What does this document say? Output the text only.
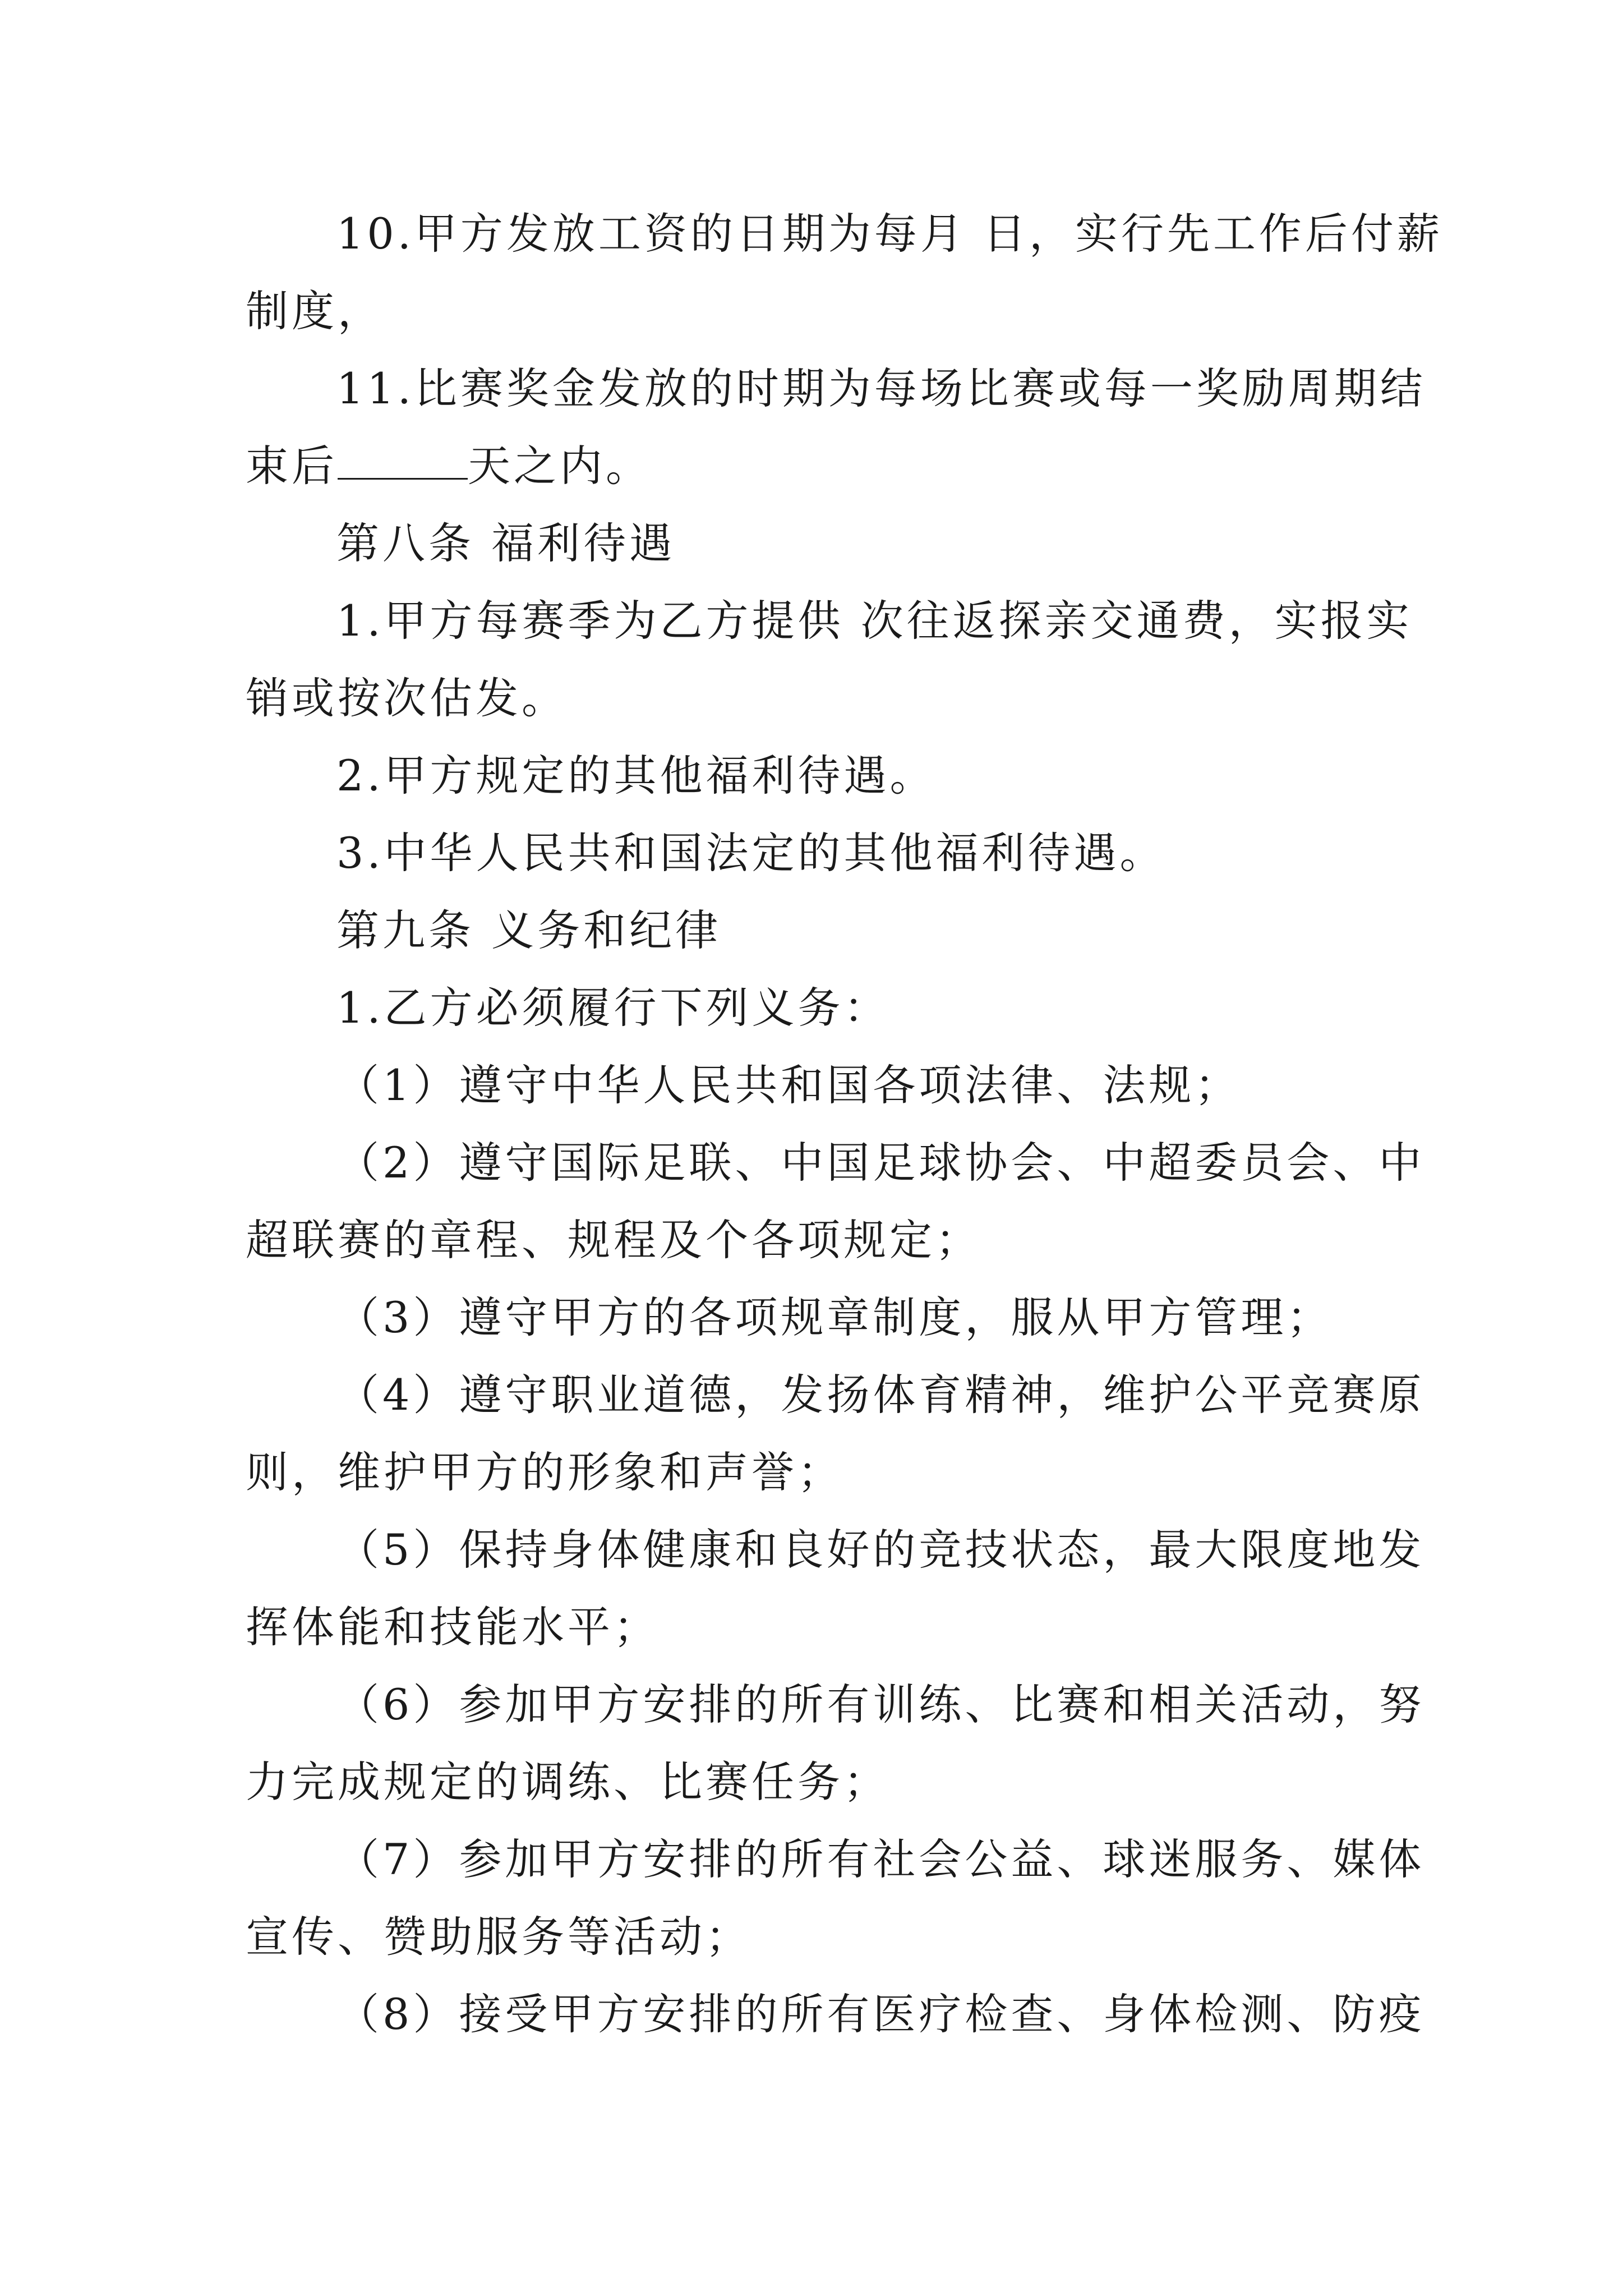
10.甲方发放工资的日期为每月 日，实行先工作后付薪
制度，
11.比赛奖金发放的时期为每场比赛或每一奖励周期结
束后	天之内。
第八条 福利待遇
1.甲方每赛季为乙方提供 次往返探亲交通费，实报实
销或按次估发。
2.甲方规定的其他福利待遇。
3.中华人民共和国法定的其他福利待遇。
第九条 义务和纪律
1.乙方必须履行下列义务：
（1）遵守中华人民共和国各项法律、法规；
（2）遵守国际足联、中国足球协会、中超委员会、中
超联赛的章程、规程及个各项规定；
（3）遵守甲方的各项规章制度，服从甲方管理；
（4）遵守职业道德，发扬体育精神，维护公平竞赛原
则，维护甲方的形象和声誉；
（5）保持身体健康和良好的竞技状态，最大限度地发
挥体能和技能水平；
（6）参加甲方安排的所有训练、比赛和相关活动，努
力完成规定的调练、比赛任务；
（7）参加甲方安排的所有社会公益、球迷服务、媒体
宣传、赞助服务等活动；
（8）接受甲方安排的所有医疗检查、身体检测、防疫
